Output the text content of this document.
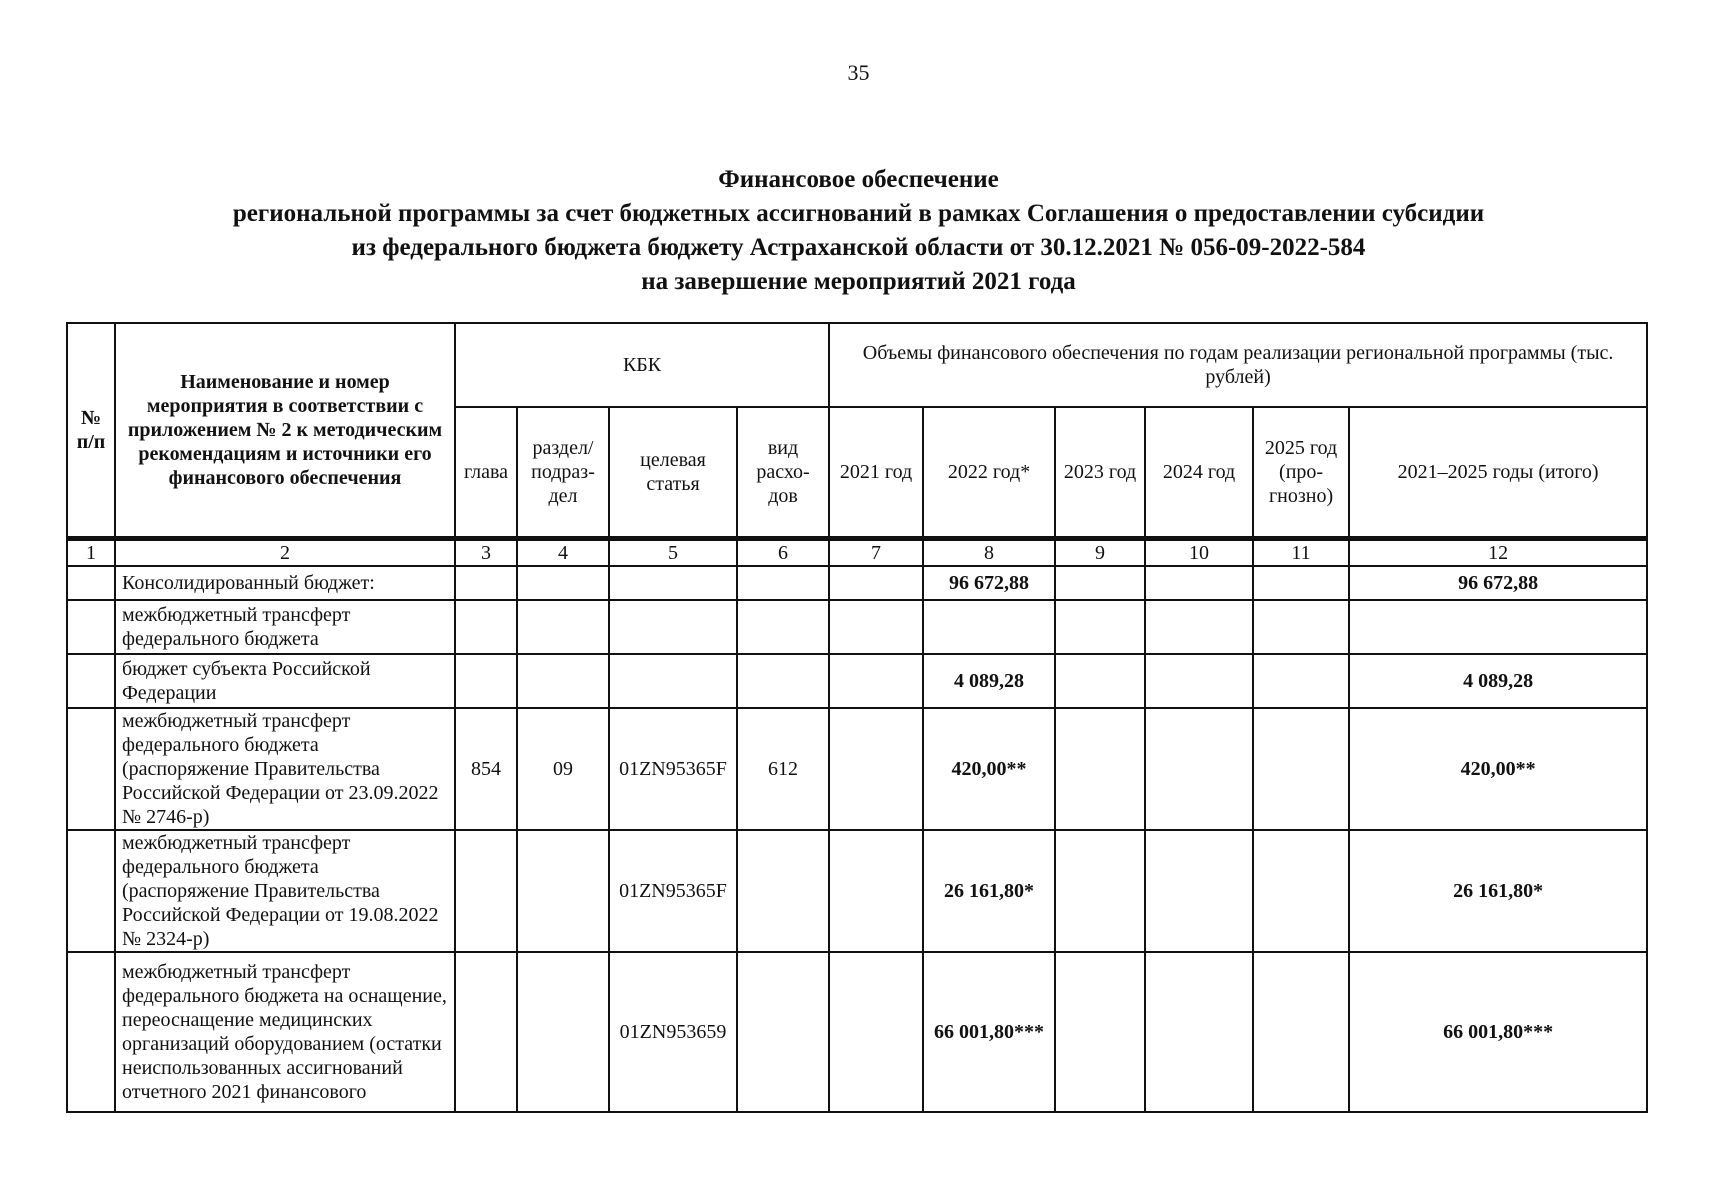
35
Финансовое обеспечение
региональной программы за счет бюджетных ассигнований в рамках Соглашения о предоставлении субсидии
из федерального бюджета бюджету Астраханской области от 30.12.2021 № 056-09-2022-584
на завершение мероприятий 2021 года
№ п/п	Наименование и номер мероприятия в соответствии с приложением № 2 к методическим рекомендациям и источники его финансового обеспечения	КБК				Объемы финансового обеспечения по годам реализации региональной программы (тыс. рублей)					
		глава	раздел/ подраз-дел	целевая статья	вид расхо-дов	2021 год	2022 год*	2023 год	2024 год	2025 год (про-гнозно)	2021–2025 годы (итого)

1	2	3	4	5	6	7	8	9	10	11	12
	Консолидированный бюджет:						96 672,88				96 672,88
	межбюджетный трансферт федерального бюджета										
	бюджет субъекта Российской Федерации						4 089,28				4 089,28
	межбюджетный трансферт федерального бюджета (распоряжение Правительства Российской Федерации от 23.09.2022 № 2746-р)	854	09	01ZN95365F	612		420,00**				420,00**
	межбюджетный трансферт федерального бюджета (распоряжение Правительства Российской Федерации от 19.08.2022 № 2324-р)			01ZN95365F			26 161,80*				26 161,80*
	межбюджетный трансферт федерального бюджета на оснащение, переоснащение медицинских организаций оборудованием (остатки неиспользованных ассигнований отчетного 2021 финансового			01ZN953659			66 001,80***				66 001,80***
